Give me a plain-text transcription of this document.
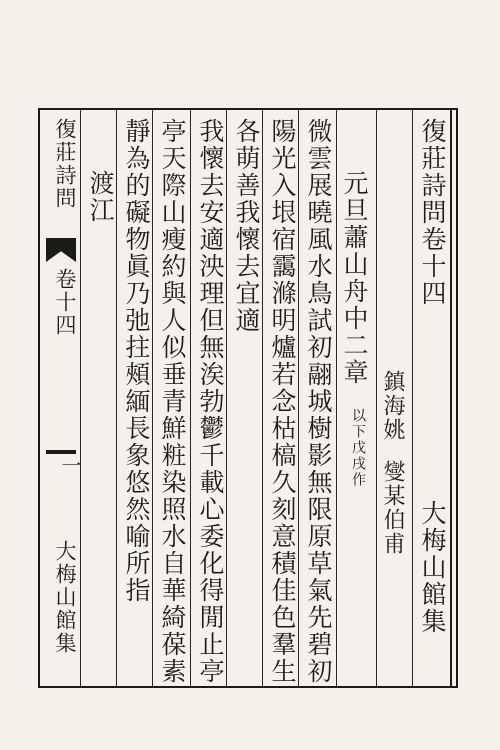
復莊詩問
卷十四
一
大梅山館集
復莊詩問卷十四
大梅山館集
鎮海姚
燮某伯甫
元旦蕭山舟中二章
以下戊戌作
微雲展曉風水鳥試初翮城樹影無限原草氣先碧初
陽光入垠宿靄滌明爐若念枯槁久刻意積佳色羣生
各萌善我懷去宜適
我懷去安適泱理但無涘勃鬱千載心委化得閒止亭
亭天際山瘦約與人似垂青鮮粧染照水自華綺葆素
靜為的礙物眞乃弛拄頰緬長象悠然喻所指
渡江
